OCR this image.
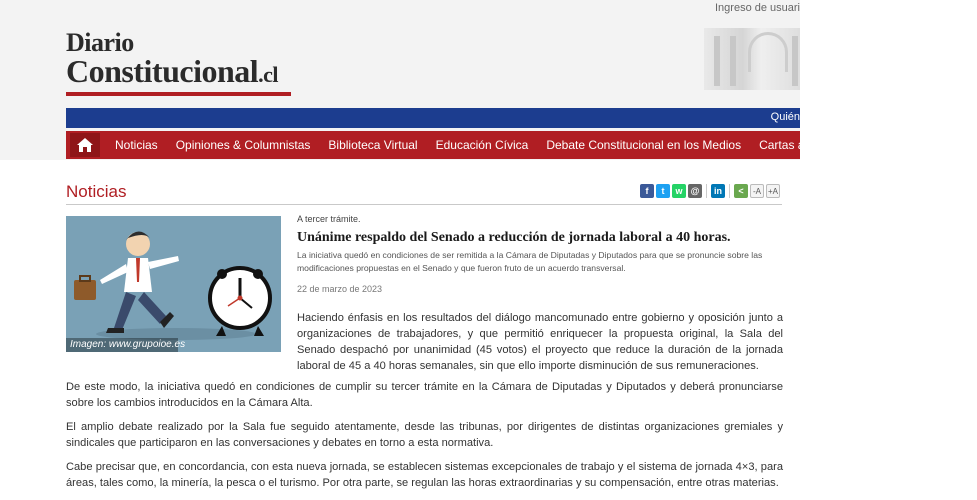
Ingreso de usuari
Diario
Constitucional.cl
Quién
Noticias	Opiniones & Columnistas	Biblioteca Virtual	Educación Cívica	Debate Constitucional en los Medios	Cartas al Director	Proceso Constituy
Noticias	f	t	w @	in	<	-A +A
Imagen: www.grupoioe.es
A tercer trámite.
Unánime respaldo del Senado a reducción de jornada laboral a 40 horas.
La iniciativa quedó en condiciones de ser remitida a la Cámara de Diputadas y Diputados para que se pronuncie sobre las modificaciones propuestas en el Senado y que fueron fruto de un acuerdo transversal.
22 de marzo de 2023

Haciendo énfasis en los resultados del diálogo mancomunado entre gobierno y oposición junto a organizaciones de trabajadores, y que permitió enriquecer la propuesta original, la Sala del Senado despachó por unanimidad (45 votos) el proyecto que reduce la duración de la jornada laboral de 45 a 40 horas semanales, sin que ello importe disminución de sus remuneraciones.

De este modo, la iniciativa quedó en condiciones de cumplir su tercer trámite en la Cámara de Diputadas y Diputados y deberá pronunciarse sobre los cambios introducidos en la Cámara Alta.

El amplio debate realizado por la Sala fue seguido atentamente, desde las tribunas, por dirigentes de distintas organizaciones gremiales y sindicales que participaron en las conversaciones y debates en torno a esta normativa.

Cabe precisar que, en concordancia, con esta nueva jornada, se establecen sistemas excepcionales de trabajo y el sistema de jornada 4×3, para áreas, tales como, la minería, la pesca o el turismo. Por otra parte, se regulan las horas extraordinarias y su compensación, entre otras materias.
